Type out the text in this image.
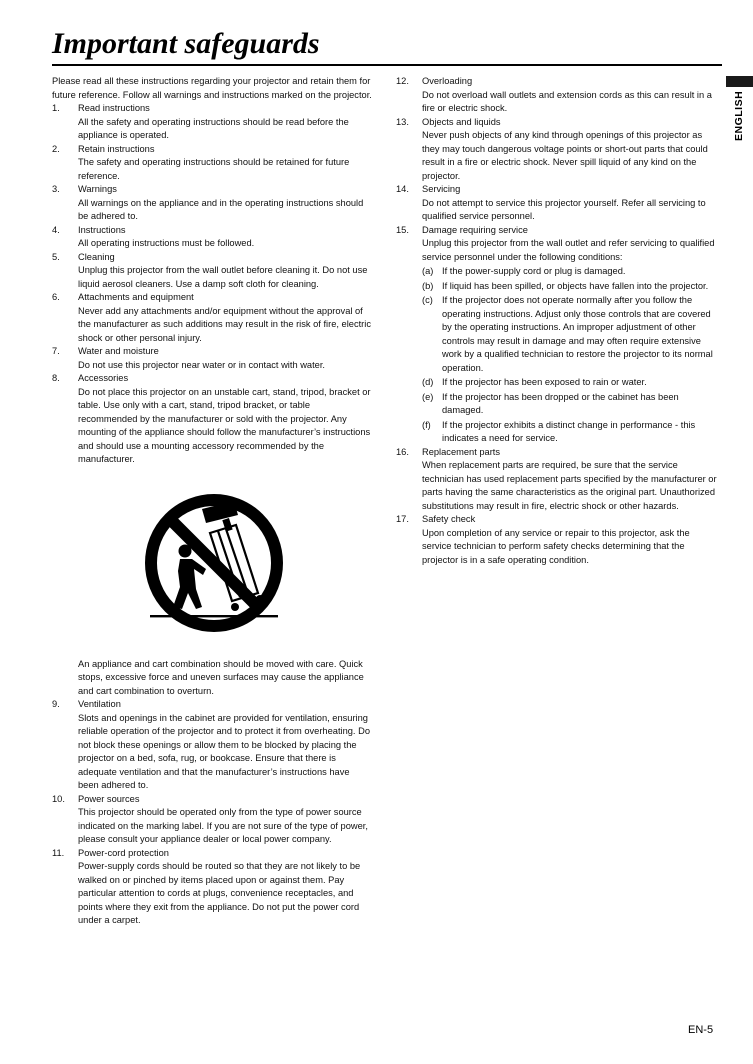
Important safeguards
ENGLISH

Please read all these instructions regarding your projector and retain them for future reference. Follow all warnings and instructions marked on the projector.

1. Read instructions
All the safety and operating instructions should be read before the appliance is operated.
2. Retain instructions
The safety and operating instructions should be retained for future reference.
3. Warnings
All warnings on the appliance and in the operating instructions should be adhered to.
4. Instructions
All operating instructions must be followed.
5. Cleaning
Unplug this projector from the wall outlet before cleaning it. Do not use liquid aerosol cleaners. Use a damp soft cloth for cleaning.
6. Attachments and equipment
Never add any attachments and/or equipment without the approval of the manufacturer as such additions may result in the risk of fire, electric shock or other personal injury.
7. Water and moisture
Do not use this projector near water or in contact with water.
8. Accessories
Do not place this projector on an unstable cart, stand, tripod, bracket or table. Use only with a cart, stand, tripod bracket, or table recommended by the manufacturer or sold with the projector. Any mounting of the appliance should follow the manufacturer’s instructions and should use a mounting accessory recommended by the manufacturer.

An appliance and cart combination should be moved with care. Quick stops, excessive force and uneven surfaces may cause the appliance and cart combination to overturn.

9. Ventilation
Slots and openings in the cabinet are provided for ventilation, ensuring reliable operation of the projector and to protect it from overheating. Do not block these openings or allow them to be blocked by placing the projector on a bed, sofa, rug, or bookcase. Ensure that there is adequate ventilation and that the manufacturer’s instructions have been adhered to.
10. Power sources
This projector should be operated only from the type of power source indicated on the marking label. If you are not sure of the type of power, please consult your appliance dealer or local power company.
11. Power-cord protection
Power-supply cords should be routed so that they are not likely to be walked on or pinched by items placed upon or against them. Pay particular attention to cords at plugs, convenience receptacles, and points where they exit from the appliance. Do not put the power cord under a carpet.
12. Overloading
Do not overload wall outlets and extension cords as this can result in a fire or electric shock.
13. Objects and liquids
Never push objects of any kind through openings of this projector as they may touch dangerous voltage points or short-out parts that could result in a fire or electric shock. Never spill liquid of any kind on the projector.
14. Servicing
Do not attempt to service this projector yourself. Refer all servicing to qualified service personnel.
15. Damage requiring service
Unplug this projector from the wall outlet and refer servicing to qualified service personnel under the following conditions:
(a) If the power-supply cord or plug is damaged.
(b) If liquid has been spilled, or objects have fallen into the projector.
(c) If the projector does not operate normally after you follow the operating instructions. Adjust only those controls that are covered by the operating instructions. An improper adjustment of other controls may result in damage and may often require extensive work by a qualified technician to restore the projector to its normal operation.
(d) If the projector has been exposed to rain or water.
(e) If the projector has been dropped or the cabinet has been damaged.
(f) If the projector exhibits a distinct change in performance - this indicates a need for service.
16. Replacement parts
When replacement parts are required, be sure that the service technician has used replacement parts specified by the manufacturer or parts having the same characteristics as the original part. Unauthorized substitutions may result in fire, electric shock or other hazards.
17. Safety check
Upon completion of any service or repair to this projector, ask the service technician to perform safety checks determining that the projector is in a safe operating condition.
EN-5
